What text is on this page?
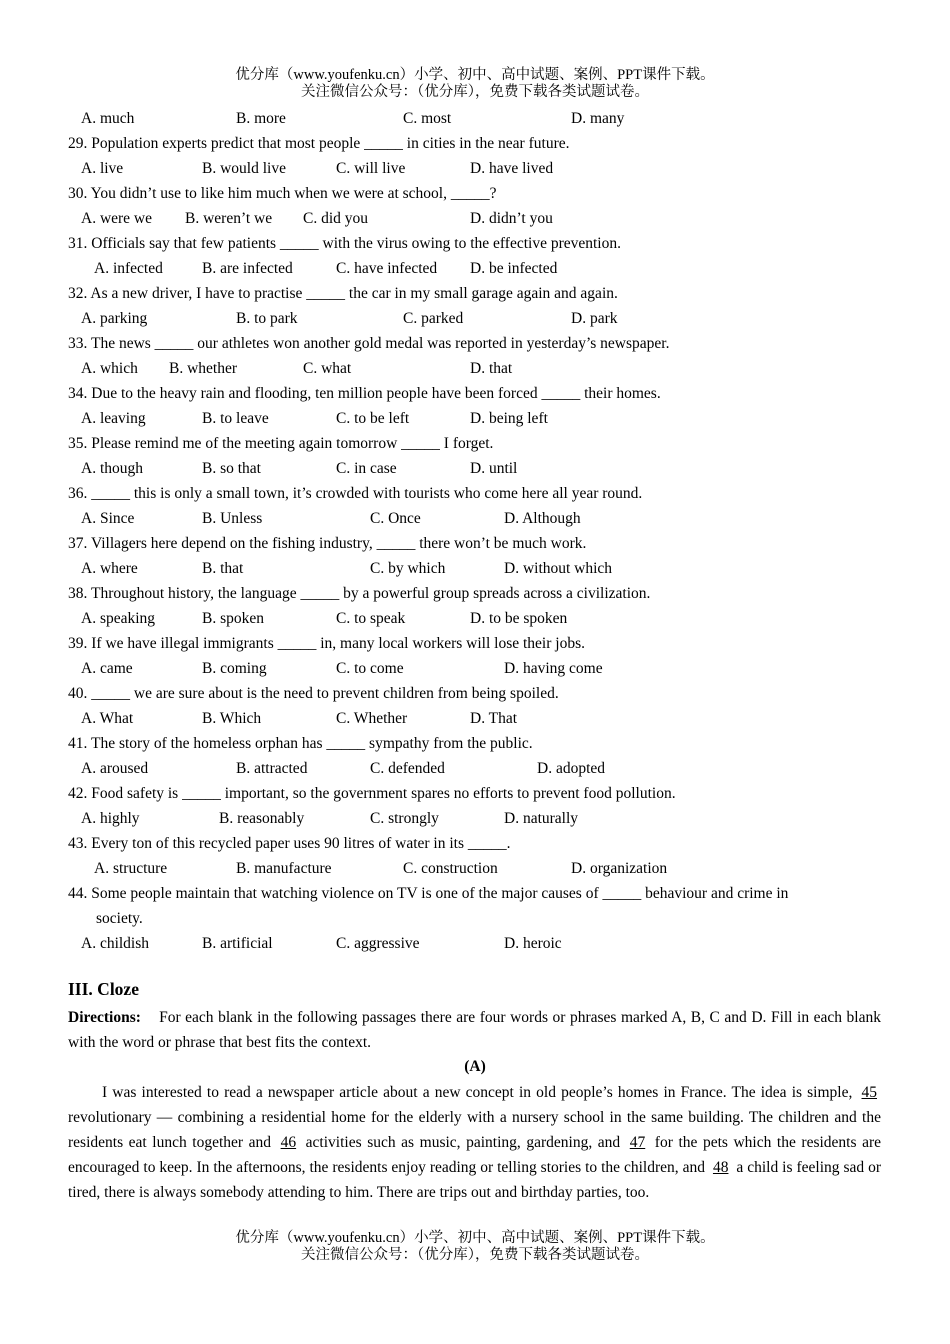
优分库（www.youfenku.cn）小学、初中、高中试题、案例、PPT课件下载。
关注微信公众号：（优分库），免费下载各类试题试卷。
A. much	B. more	C. most	D. many
29. Population experts predict that most people _____ in cities in the near future.
A. live	B. would live	C. will live	D. have lived
30. You didn’t use to like him much when we were at school, _____?
A. were we B. weren’t we C. did you	D. didn’t you
31. Officials say that few patients _____ with the virus owing to the effective prevention.
A. infected	B. are infected	C. have infected D. be infected
32. As a new driver, I have to practise _____ the car in my small garage again and again.
A. parking	B. to park	C. parked	D. park
33. The news _____ our athletes won another gold medal was reported in yesterday’s newspaper.
A. which B. whether	C. what	D. that
34. Due to the heavy rain and flooding, ten million people have been forced _____ their homes.
A. leaving	B. to leave	C. to be left	D. being left
35. Please remind me of the meeting again tomorrow _____ I forget.
A. though	B. so that	C. in case	D. until
36. _____ this is only a small town, it’s crowded with tourists who come here all year round.
A. Since	B. Unless	C. Once	D. Although
37. Villagers here depend on the fishing industry, _____ there won’t be much work.
A. where	B. that	C. by which	D. without which
38. Throughout history, the language _____ by a powerful group spreads across a civilization.
A. speaking	B. spoken	C. to speak	D. to be spoken
39. If we have illegal immigrants _____ in, many local workers will lose their jobs.
A. came	B. coming	C. to come	D. having come
40. _____ we are sure about is the need to prevent children from being spoiled.
A. What	B. Which	C. Whether	D. That
41. The story of the homeless orphan has _____ sympathy from the public.
A. aroused	B. attracted	C. defended	D. adopted
42. Food safety is _____ important, so the government spares no efforts to prevent food pollution.
A. highly	B. reasonably	C. strongly	D. naturally
43. Every ton of this recycled paper uses 90 litres of water in its _____.
A. structure	B. manufacture	C. construction	D. organization
44. Some people maintain that watching violence on TV is one of the major causes of _____ behaviour and crime in
society.
A. childish	B. artificial	C. aggressive	D. heroic
III. Cloze
Directions: For each blank in the following passages there are four words or phrases marked A, B, C and D. Fill in each blank with the word or phrase that best fits the context.
(A)
I was interested to read a newspaper article about a new concept in old people’s homes in France. The idea is simple, 45 revolutionary — combining a residential home for the elderly with a nursery school in the same building. The children and the residents eat lunch together and 46 activities such as music, painting, gardening, and 47 for the pets which the residents are encouraged to keep. In the afternoons, the residents enjoy reading or telling stories to the children, and 48 a child is feeling sad or tired, there is always somebody attending to him. There are trips out and birthday parties, too.
优分库（www.youfenku.cn）小学、初中、高中试题、案例、PPT课件下载。
关注微信公众号：（优分库），免费下载各类试题试卷。
